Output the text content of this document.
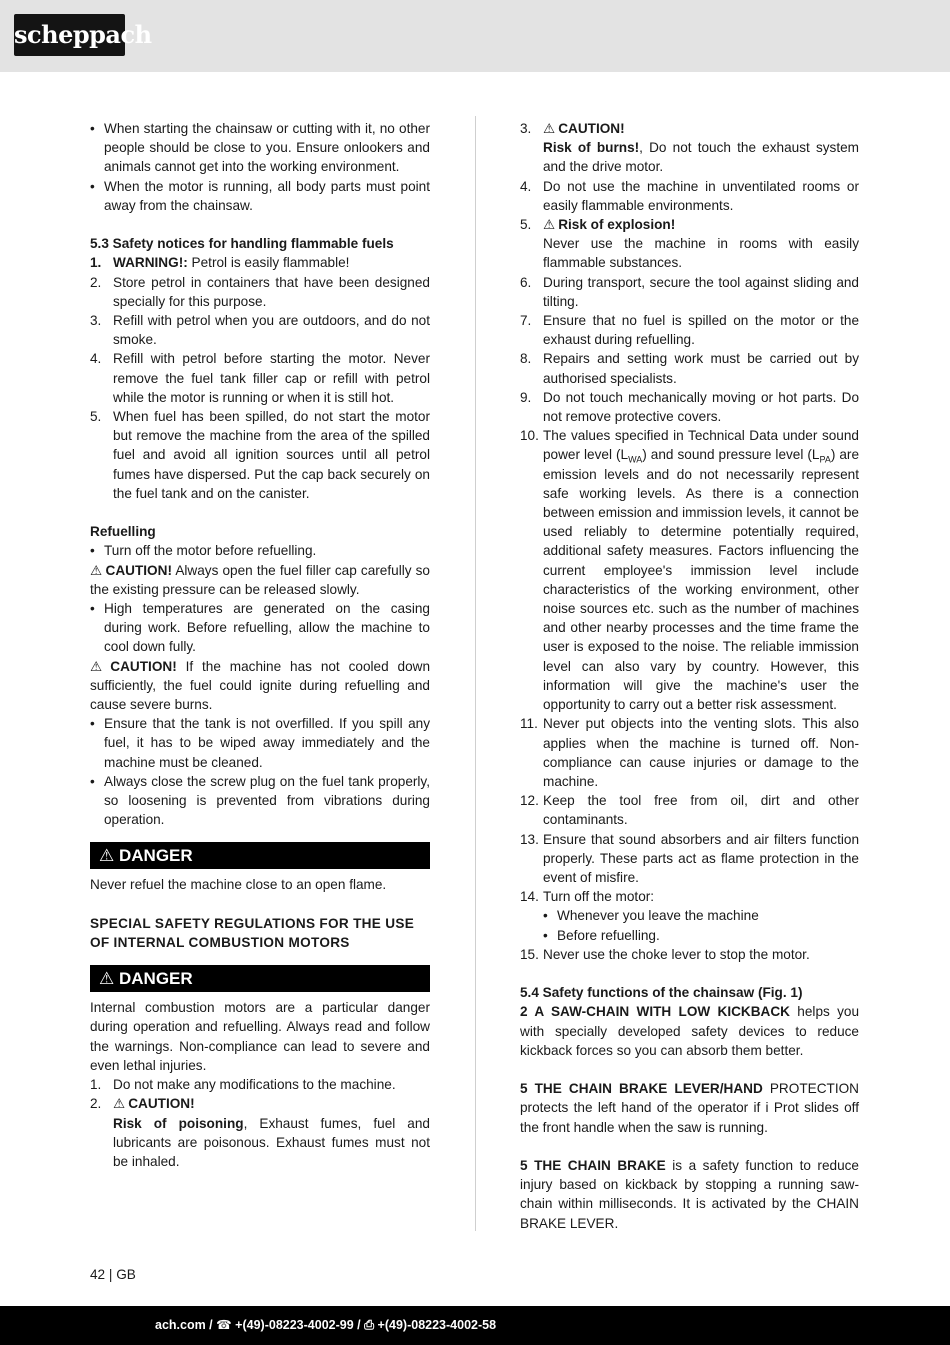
scheppach

• When starting the chainsaw or cutting with it, no other people should be close to you. Ensure onlookers and animals cannot get into the working environment.

• When the motor is running, all body parts must point away from the chainsaw.

5.3 Safety notices for handling flammable fuels

1. WARNING!: Petrol is easily flammable!
2. Store petrol in containers that have been designed specially for this purpose.
3. Refill with petrol when you are outdoors, and do not smoke.
4. Refill with petrol before starting the motor. Never remove the fuel tank filler cap or refill with petrol while the motor is running or when it is still hot.
5. When fuel has been spilled, do not start the motor but remove the machine from the area of the spilled fuel and avoid all ignition sources until all petrol fumes have dispersed. Put the cap back securely on the fuel tank and on the canister.

Refuelling

• Turn off the motor before refuelling.

⚠ CAUTION! Always open the fuel filler cap carefully so the existing pressure can be released slowly.

• High temperatures are generated on the casing during work. Before refuelling, allow the machine to cool down fully.

⚠ CAUTION! If the machine has not cooled down sufficiently, the fuel could ignite during refuelling and cause severe burns.

• Ensure that the tank is not overfilled. If you spill any fuel, it has to be wiped away immediately and the machine must be cleaned.

• Always close the screw plug on the fuel tank properly, so loosening is prevented from vibrations during operation.

⚠ DANGER

Never refuel the machine close to an open flame.

SPECIAL SAFETY REGULATIONS FOR THE USE OF INTERNAL COMBUSTION MOTORS

⚠ DANGER

Internal combustion motors are a particular danger during operation and refuelling. Always read and follow the warnings. Non-compliance can lead to severe and even lethal injuries.

1. Do not make any modifications to the machine.
2. ⚠ CAUTION!

Risk of poisoning, Exhaust fumes, fuel and lubricants are poisonous. Exhaust fumes must not be inhaled.

3. ⚠ CAUTION!

Risk of burns!, Do not touch the exhaust system and the drive motor.

4. Do not use the machine in unventilated rooms or easily flammable environments.
5. ⚠ Risk of explosion!

Never use the machine in rooms with easily flammable substances.

6. During transport, secure the tool against sliding and tilting.
7. Ensure that no fuel is spilled on the motor or the exhaust during refuelling.
8. Repairs and setting work must be carried out by authorised specialists.
9. Do not touch mechanically moving or hot parts. Do not remove protective covers.
10. The values specified in Technical Data under sound power level $(L_{WA})$ and sound pressure level $(L_{PA})$ are emission levels and do not necessarily represent safe working levels. As there is a connection between emission and immission levels, it cannot be used reliably to determine potentially required, additional safety measures. Factors influencing the current employee's immission level include characteristics of the working environment, other noise sources etc. such as the number of machines and other nearby processes and the time frame the user is exposed to the noise. The reliable immission level can also vary by country. However, this information will give the machine's user the opportunity to carry out a better risk assessment.
11. Never put objects into the venting slots. This also applies when the machine is turned off. Non-compliance can cause injuries or damage to the machine.
12. Keep the tool free from oil, dirt and other contaminants.
13. Ensure that sound absorbers and air filters function properly. These parts act as flame protection in the event of misfire.
14. Turn off the motor:

• Whenever you leave the machine

• Before refuelling.

15. Never use the choke lever to stop the motor.

5.4 Safety functions of the chainsaw (Fig. 1)

2 A SAW-CHAIN WITH LOW KICKBACK helps you with specially developed safety devices to reduce kickback forces so you can absorb them better.

5 THE CHAIN BRAKE LEVER/HAND PROTECTION protects the left hand of the operator if i Prot slides off the front handle when the saw is running.

5 THE CHAIN BRAKE is a safety function to reduce injury based on kickback by stopping a running saw-chain within milliseconds. It is activated by the CHAIN BRAKE LEVER.

42 | GB
ach.com / ☎ +(49)-08223-4002-99 / ⎙ +(49)-08223-4002-58
